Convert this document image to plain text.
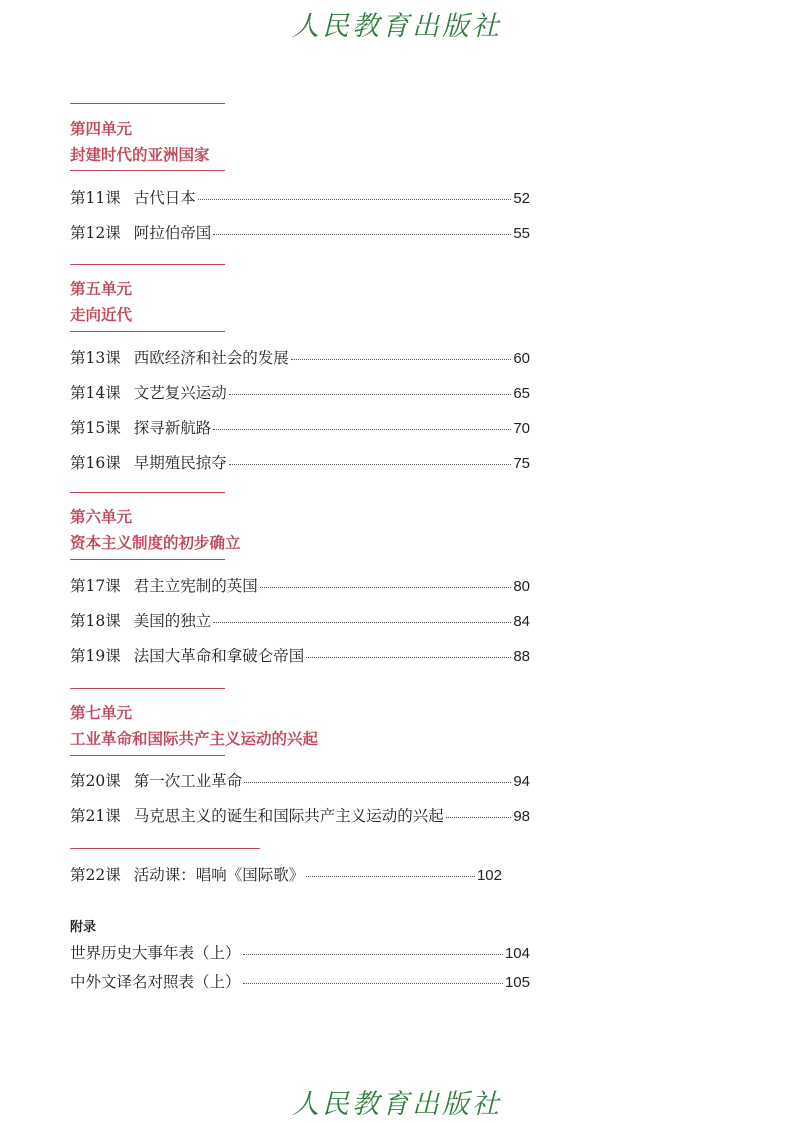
人民教育出版社
第四单元
封建时代的亚洲国家
第11课 古代日本	52
第12课 阿拉伯帝国	55
第五单元
走向近代
第13课 西欧经济和社会的发展	60
第14课 文艺复兴运动	65
第15课 探寻新航路	70
第16课 早期殖民掠夺	75
第六单元
资本主义制度的初步确立
第17课 君主立宪制的英国	80
第18课 美国的独立	84
第19课 法国大革命和拿破仑帝国	88
第七单元
工业革命和国际共产主义运动的兴起
第20课 第一次工业革命	94
第21课 马克思主义的诞生和国际共产主义运动的兴起	98
第22课 活动课：唱响《国际歌》	102
附录
世界历史大事年表（上）	104
中外文译名对照表（上）	105
人民教育出版社
